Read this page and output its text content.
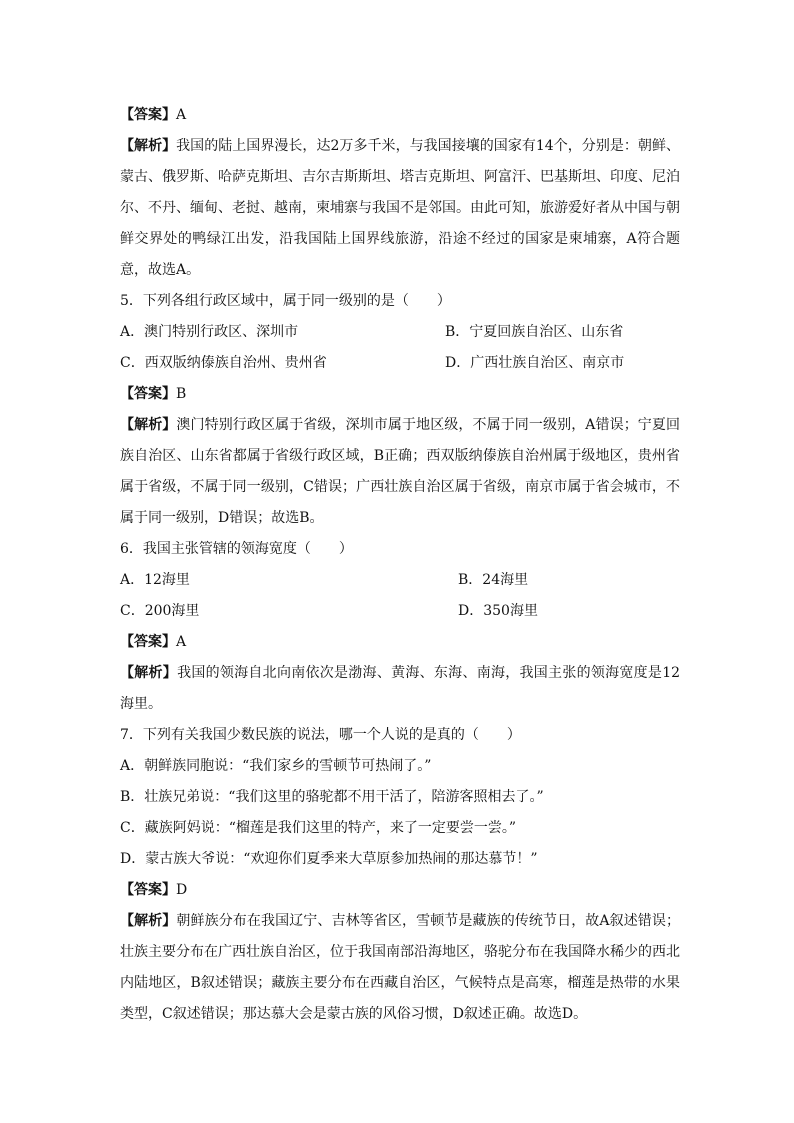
【答案】A
【解析】我国的陆上国界漫长，达2万多千米，与我国接壤的国家有14个，分别是：朝鲜、蒙古、俄罗斯、哈萨克斯坦、吉尔吉斯斯坦、塔吉克斯坦、阿富汗、巴基斯坦、印度、尼泊尔、不丹、缅甸、老挝、越南，柬埔寨与我国不是邻国。由此可知，旅游爱好者从中国与朝鲜交界处的鸭绿江出发，沿我国陆上国界线旅游，沿途不经过的国家是柬埔寨，A符合题意，故选A。
5．下列各组行政区域中，属于同一级别的是（　　）
A．澳门特别行政区、深圳市	B．宁夏回族自治区、山东省
C．西双版纳傣族自治州、贵州省	D．广西壮族自治区、南京市
【答案】B
【解析】澳门特别行政区属于省级，深圳市属于地区级，不属于同一级别，A错误；宁夏回族自治区、山东省都属于省级行政区域，B正确；西双版纳傣族自治州属于级地区，贵州省属于省级，不属于同一级别，C错误；广西壮族自治区属于省级，南京市属于省会城市，不属于同一级别，D错误；故选B。
6．我国主张管辖的领海宽度（　　）
A．12海里	B．24海里
C．200海里	D．350海里
【答案】A
【解析】我国的领海自北向南依次是渤海、黄海、东海、南海，我国主张的领海宽度是12海里。
7．下列有关我国少数民族的说法，哪一个人说的是真的（　　）
A．朝鲜族同胞说：“我们家乡的雪顿节可热闹了。”
B．壮族兄弟说：“我们这里的骆驼都不用干活了，陪游客照相去了。”
C．藏族阿妈说：“榴莲是我们这里的特产，来了一定要尝一尝。”
D．蒙古族大爷说：“欢迎你们夏季来大草原参加热闹的那达慕节！”
【答案】D
【解析】朝鲜族分布在我国辽宁、吉林等省区，雪顿节是藏族的传统节日，故A叙述错误；壮族主要分布在广西壮族自治区，位于我国南部沿海地区，骆驼分布在我国降水稀少的西北内陆地区，B叙述错误；藏族主要分布在西藏自治区，气候特点是高寒，榴莲是热带的水果类型，C叙述错误；那达慕大会是蒙古族的风俗习惯，D叙述正确。故选D。
